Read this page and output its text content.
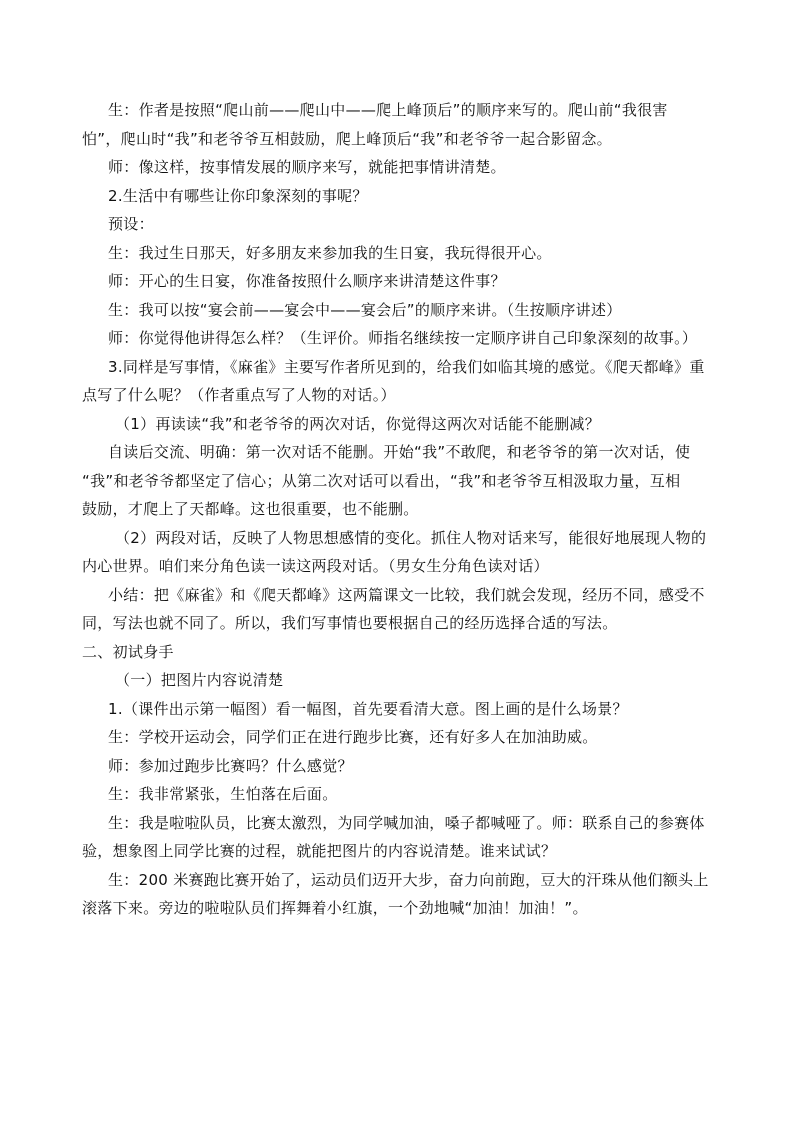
生：作者是按照“爬山前——爬山中——爬上峰顶后”的顺序来写的。爬山前“我很害
怕”，爬山时“我”和老爷爷互相鼓励，爬上峰顶后“我”和老爷爷一起合影留念。

师：像这样，按事情发展的顺序来写，就能把事情讲清楚。

2.生活中有哪些让你印象深刻的事呢？

预设：

生：我过生日那天，好多朋友来参加我的生日宴，我玩得很开心。

师：开心的生日宴，你准备按照什么顺序来讲清楚这件事？

生：我可以按“宴会前——宴会中——宴会后”的顺序来讲。（生按顺序讲述）

师：你觉得他讲得怎么样？（生评价。师指名继续按一定顺序讲自己印象深刻的故事。）

3.同样是写事情，《麻雀》主要写作者所见到的，给我们如临其境的感觉。《爬天都峰》重
点写了什么呢？（作者重点写了人物的对话。）

（1）再读读“我”和老爷爷的两次对话，你觉得这两次对话能不能删减？

自读后交流、明确：第一次对话不能删。开始“我”不敢爬，和老爷爷的第一次对话，使
“我”和老爷爷都坚定了信心；从第二次对话可以看出，“我”和老爷爷互相汲取力量，互相
鼓励，才爬上了天都峰。这也很重要，也不能删。

（2）两段对话，反映了人物思想感情的变化。抓住人物对话来写，能很好地展现人物的
内心世界。咱们来分角色读一读这两段对话。（男女生分角色读对话）

小结：把《麻雀》和《爬天都峰》这两篇课文一比较，我们就会发现，经历不同，感受不
同，写法也就不同了。所以，我们写事情也要根据自己的经历选择合适的写法。

二、初试身手

（一）把图片内容说清楚

1.（课件出示第一幅图）看一幅图，首先要看清大意。图上画的是什么场景？

生：学校开运动会，同学们正在进行跑步比赛，还有好多人在加油助威。

师：参加过跑步比赛吗？什么感觉？

生：我非常紧张，生怕落在后面。

生：我是啦啦队员，比赛太激烈，为同学喊加油，嗓子都喊哑了。师：联系自己的参赛体
验，想象图上同学比赛的过程，就能把图片的内容说清楚。谁来试试？

生：200 米赛跑比赛开始了，运动员们迈开大步，奋力向前跑，豆大的汗珠从他们额头上
滚落下来。旁边的啦啦队员们挥舞着小红旗，一个劲地喊“加油！加油！”。
